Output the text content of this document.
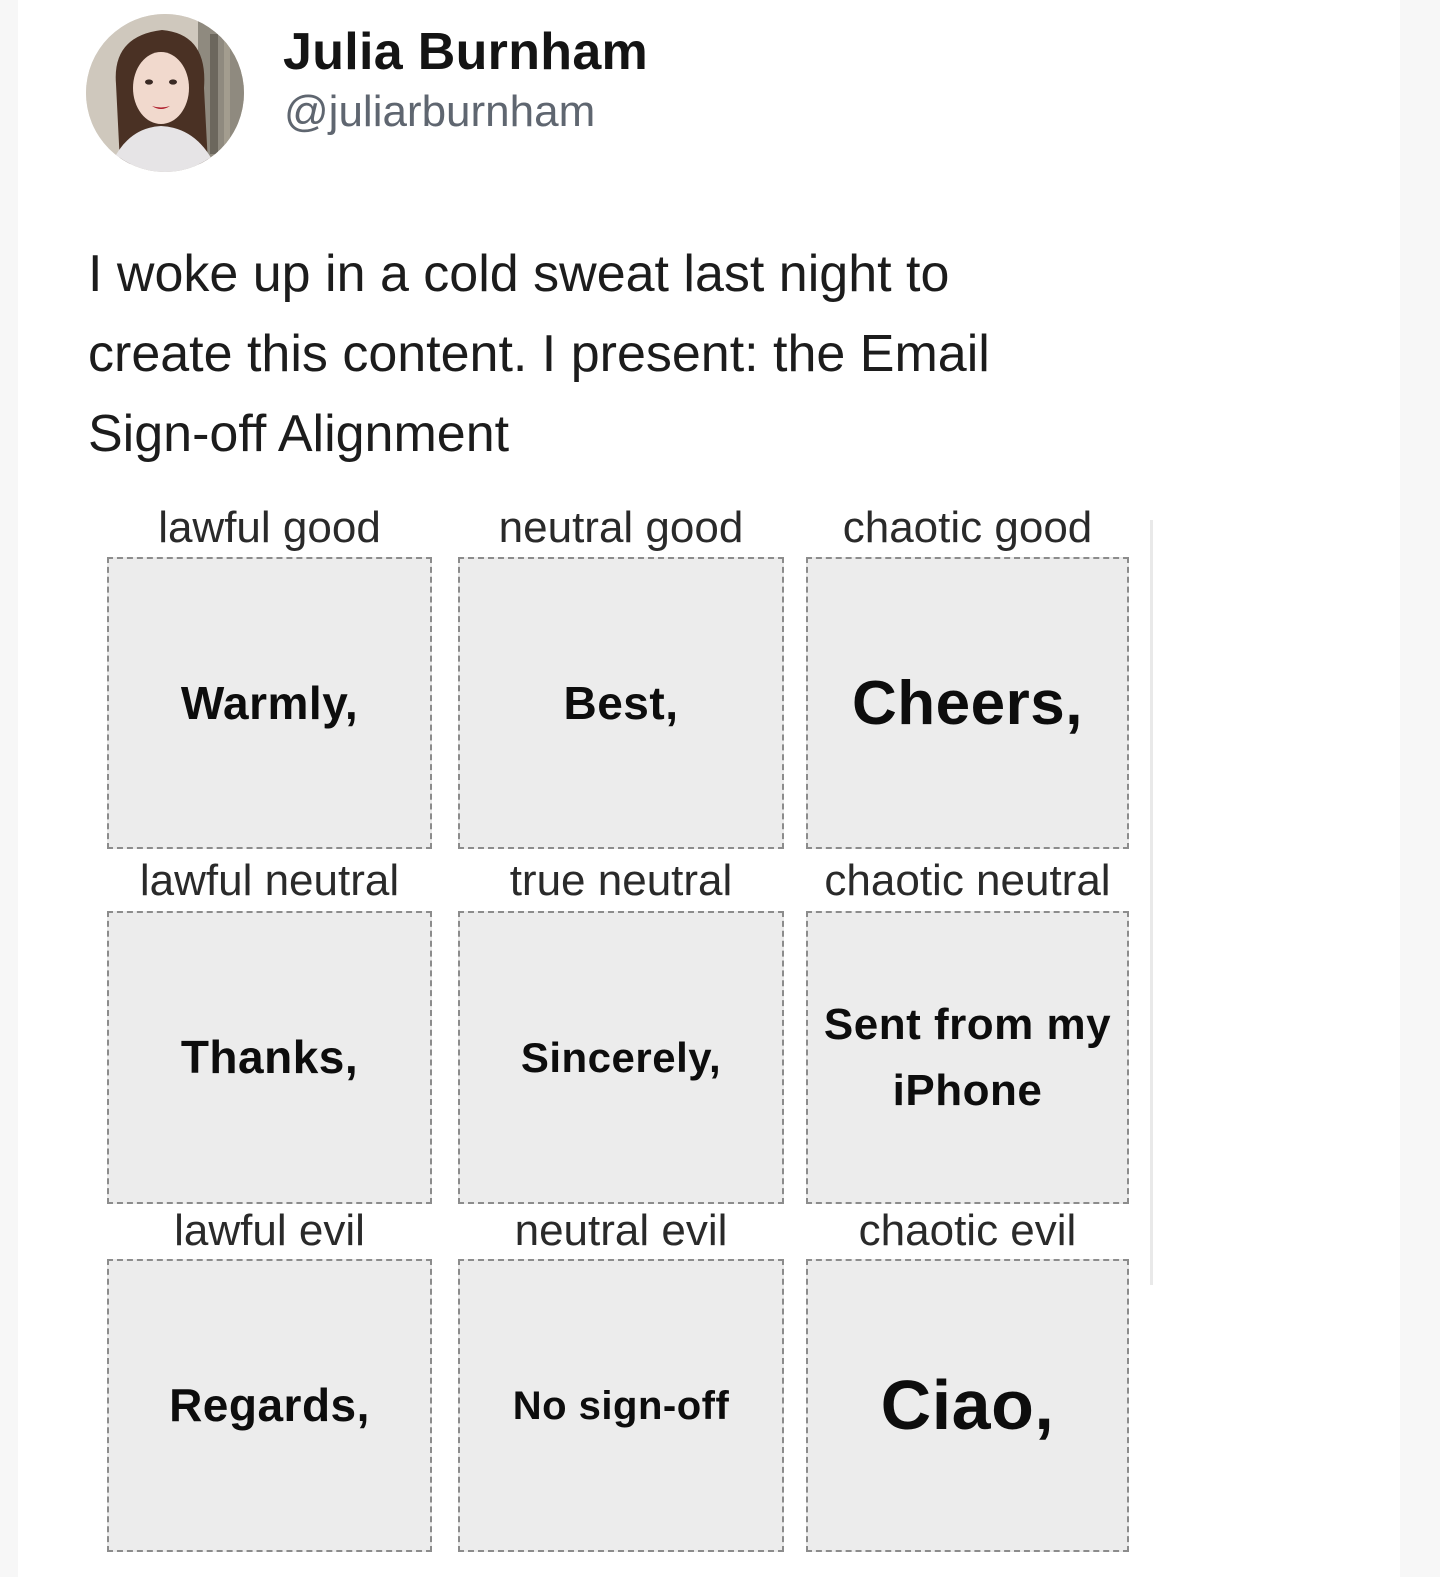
Julia Burnham
@juliarburnham
I woke up in a cold sweat last night to
create this content. I present: the Email
Sign-off Alignment
lawful good
Warmly,
neutral good
Best,
chaotic good
Cheers,
lawful neutral
Thanks,
true neutral
Sincerely,
chaotic neutral
Sent from my iPhone
lawful evil
Regards,
neutral evil
No sign-off
chaotic evil
Ciao,
